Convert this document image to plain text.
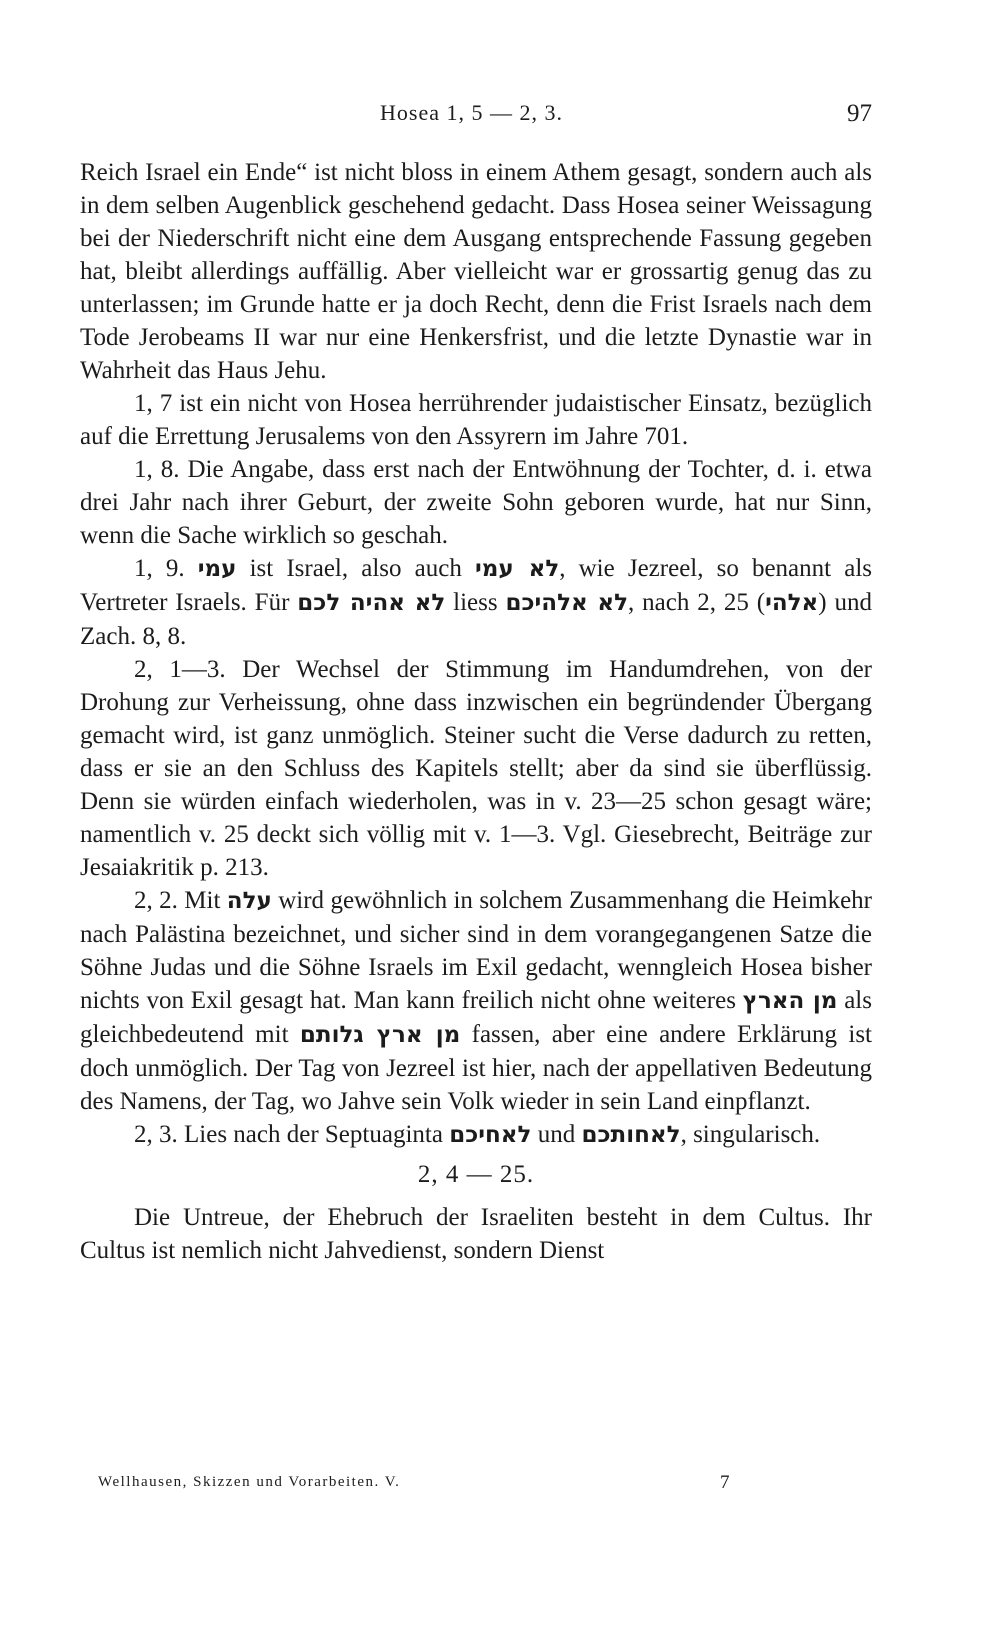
Hosea 1, 5 — 2, 3.	97

Reich Israel ein Ende“ ist nicht bloss in einem Athem gesagt, sondern auch als in dem selben Augenblick geschehend gedacht. Dass Hosea seiner Weissagung bei der Niederschrift nicht eine dem Ausgang entsprechende Fassung gegeben hat, bleibt allerdings auffällig. Aber vielleicht war er grossartig genug das zu unterlassen; im Grunde hatte er ja doch Recht, denn die Frist Israels nach dem Tode Jerobeams II war nur eine Henkersfrist, und die letzte Dynastie war in Wahrheit das Haus Jehu.

1, 7 ist ein nicht von Hosea herrührender judaistischer Einsatz, bezüglich auf die Errettung Jerusalems von den Assyrern im Jahre 701.

1, 8. Die Angabe, dass erst nach der Entwöhnung der Tochter, d. i. etwa drei Jahr nach ihrer Geburt, der zweite Sohn geboren wurde, hat nur Sinn, wenn die Sache wirklich so geschah.

1, 9. עמי ist Israel, also auch לא עמי, wie Jezreel, so benannt als Vertreter Israels. Für לא אהיה לכם liess לא אלהיכם, nach 2, 25 (אלהי) und Zach. 8, 8.

2, 1—3. Der Wechsel der Stimmung im Handumdrehen, von der Drohung zur Verheissung, ohne dass inzwischen ein begründender Übergang gemacht wird, ist ganz unmöglich. Steiner sucht die Verse dadurch zu retten, dass er sie an den Schluss des Kapitels stellt; aber da sind sie überflüssig. Denn sie würden einfach wiederholen, was in v. 23—25 schon gesagt wäre; namentlich v. 25 deckt sich völlig mit v. 1—3. Vgl. Giesebrecht, Beiträge zur Jesaiakritik p. 213.

2, 2. Mit עלה wird gewöhnlich in solchem Zusammenhang die Heimkehr nach Palästina bezeichnet, und sicher sind in dem vorangegangenen Satze die Söhne Judas und die Söhne Israels im Exil gedacht, wenngleich Hosea bisher nichts von Exil gesagt hat. Man kann freilich nicht ohne weiteres מן הארץ als gleichbedeutend mit מן ארץ גלותם fassen, aber eine andere Erklärung ist doch unmöglich. Der Tag von Jezreel ist hier, nach der appellativen Bedeutung des Namens, der Tag, wo Jahve sein Volk wieder in sein Land einpflanzt.

2, 3. Lies nach der Septuaginta לאחיכם und לאחותכם, singularisch.

2, 4 — 25.

Die Untreue, der Ehebruch der Israeliten besteht in dem Cultus. Ihr Cultus ist nemlich nicht Jahvedienst, sondern Dienst

Wellhausen, Skizzen und Vorarbeiten. V.	7
